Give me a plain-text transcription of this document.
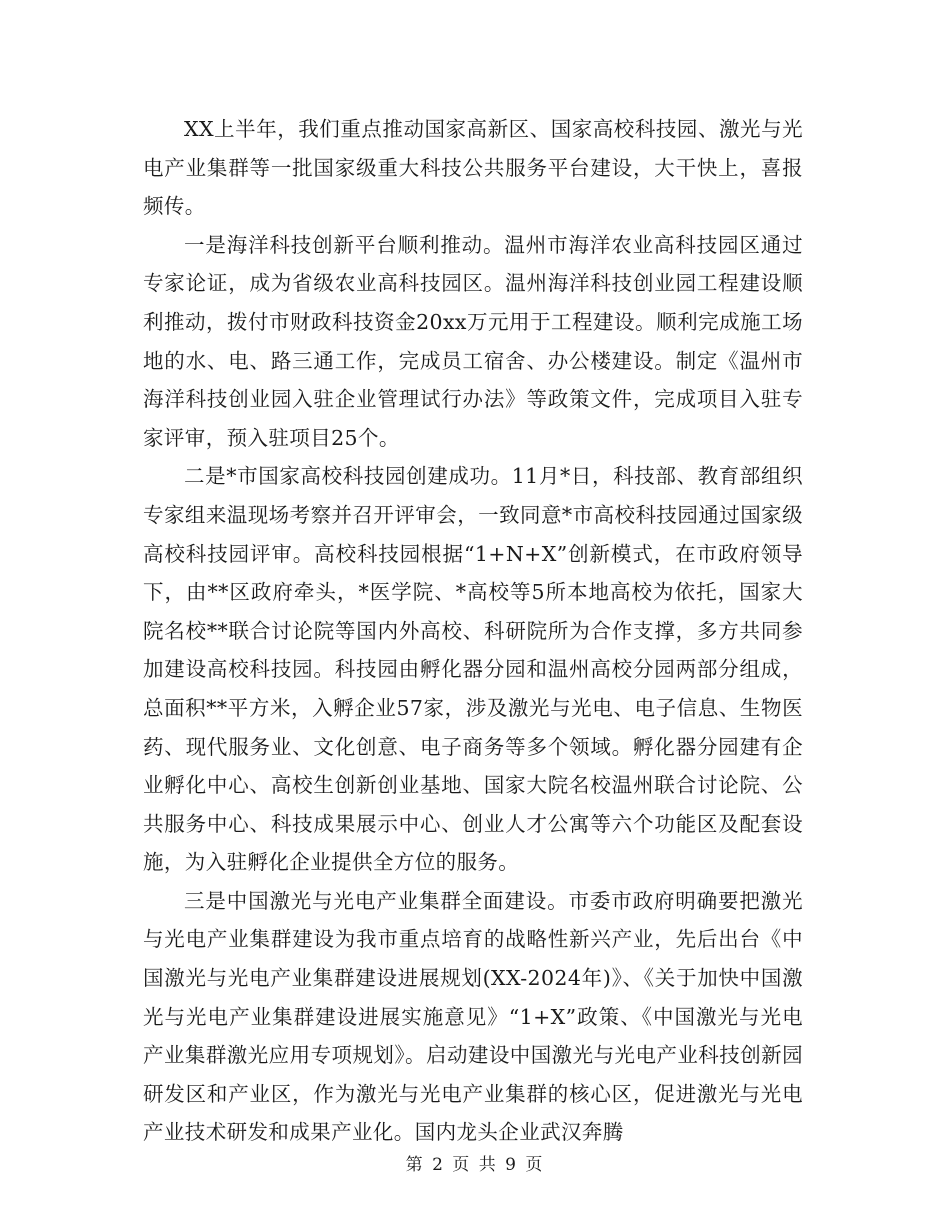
XX上半年，我们重点推动国家高新区、国家高校科技园、激光与光电产业集群等一批国家级重大科技公共服务平台建设，大干快上，喜报频传。

一是海洋科技创新平台顺利推动。温州市海洋农业高科技园区通过专家论证，成为省级农业高科技园区。温州海洋科技创业园工程建设顺利推动，拨付市财政科技资金20xx万元用于工程建设。顺利完成施工场地的水、电、路三通工作，完成员工宿舍、办公楼建设。制定《温州市海洋科技创业园入驻企业管理试行办法》等政策文件，完成项目入驻专家评审，预入驻项目25个。

二是*市国家高校科技园创建成功。11月*日，科技部、教育部组织专家组来温现场考察并召开评审会，一致同意*市高校科技园通过国家级高校科技园评审。高校科技园根据“1+N+X”创新模式，在市政府领导下，由**区政府牵头，*医学院、*高校等5所本地高校为依托，国家大院名校**联合讨论院等国内外高校、科研院所为合作支撑，多方共同参加建设高校科技园。科技园由孵化器分园和温州高校分园两部分组成，总面积**平方米，入孵企业57家，涉及激光与光电、电子信息、生物医药、现代服务业、文化创意、电子商务等多个领域。孵化器分园建有企业孵化中心、高校生创新创业基地、国家大院名校温州联合讨论院、公共服务中心、科技成果展示中心、创业人才公寓等六个功能区及配套设施，为入驻孵化企业提供全方位的服务。

三是中国激光与光电产业集群全面建设。市委市政府明确要把激光与光电产业集群建设为我市重点培育的战略性新兴产业，先后出台《中国激光与光电产业集群建设进展规划(XX-2024年)》、《关于加快中国激光与光电产业集群建设进展实施意见》“1+X”政策、《中国激光与光电产业集群激光应用专项规划》。启动建设中国激光与光电产业科技创新园研发区和产业区，作为激光与光电产业集群的核心区，促进激光与光电产业技术研发和成果产业化。国内龙头企业武汉奔腾

第 2 页 共 9 页
